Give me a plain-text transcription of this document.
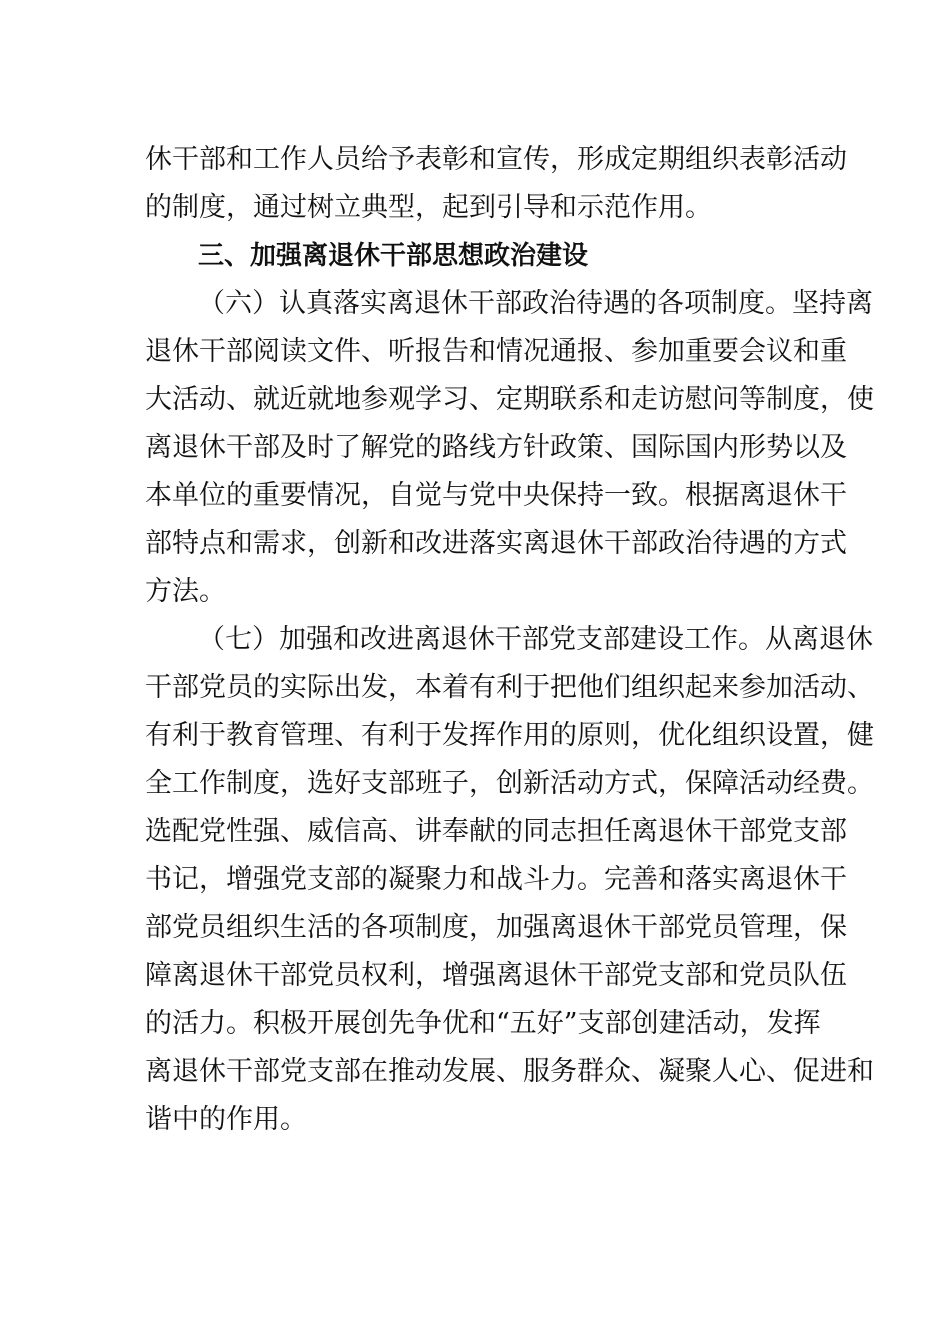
休干部和工作人员给予表彰和宣传，形成定期组织表彰活动
的制度，通过树立典型，起到引导和示范作用。
三、加强离退休干部思想政治建设
（六）认真落实离退休干部政治待遇的各项制度。坚持离
退休干部阅读文件、听报告和情况通报、参加重要会议和重
大活动、就近就地参观学习、定期联系和走访慰问等制度，使
离退休干部及时了解党的路线方针政策、国际国内形势以及
本单位的重要情况，自觉与党中央保持一致。根据离退休干
部特点和需求，创新和改进落实离退休干部政治待遇的方式
方法。
（七）加强和改进离退休干部党支部建设工作。从离退休
干部党员的实际出发，本着有利于把他们组织起来参加活动、
有利于教育管理、有利于发挥作用的原则，优化组织设置，健
全工作制度，选好支部班子，创新活动方式，保障活动经费。
选配党性强、威信高、讲奉献的同志担任离退休干部党支部
书记，增强党支部的凝聚力和战斗力。完善和落实离退休干
部党员组织生活的各项制度，加强离退休干部党员管理，保
障离退休干部党员权利，增强离退休干部党支部和党员队伍
的活力。积极开展创先争优和“五好”支部创建活动，发挥
离退休干部党支部在推动发展、服务群众、凝聚人心、促进和
谐中的作用。
